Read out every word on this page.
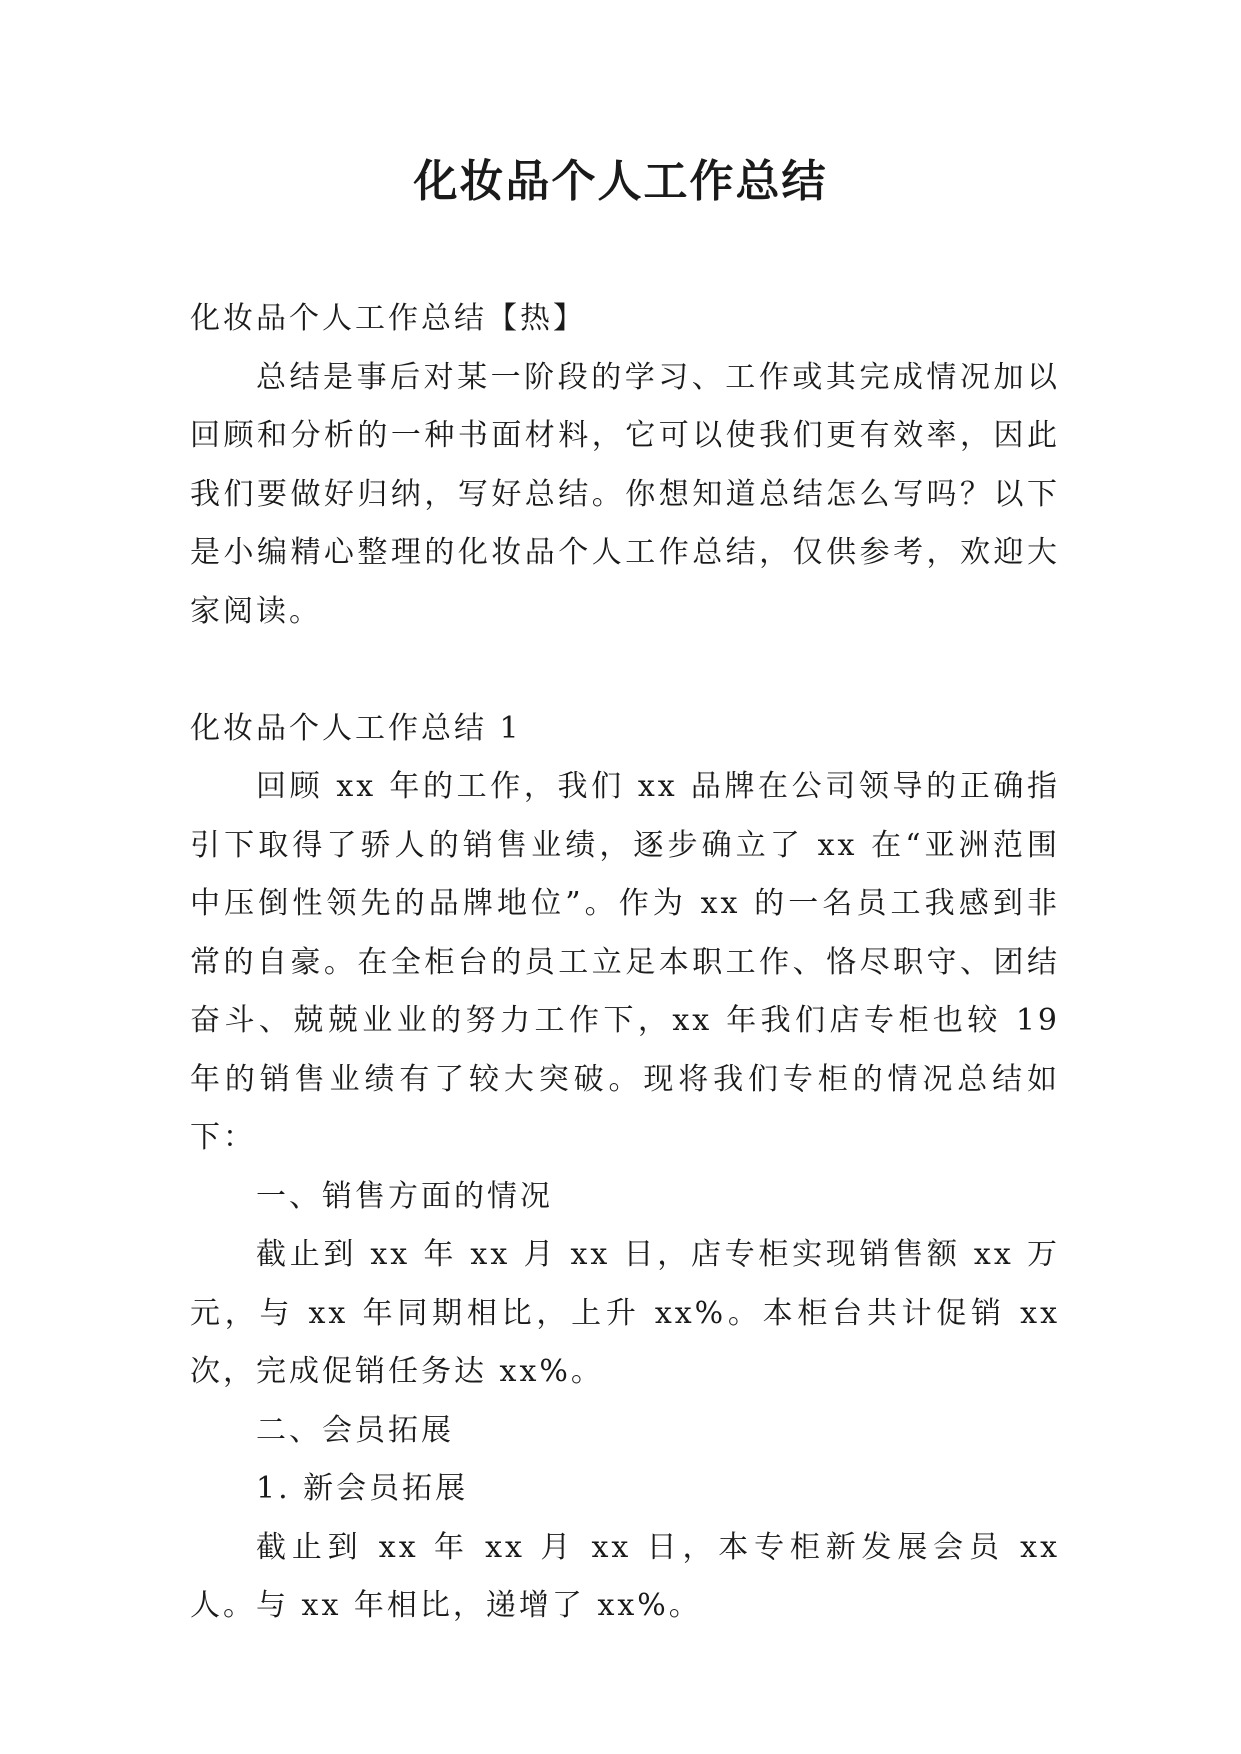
化妆品个人工作总结

化妆品个人工作总结【热】

总结是事后对某一阶段的学习、工作或其完成情况加以回顾和分析的一种书面材料，它可以使我们更有效率，因此我们要做好归纳，写好总结。你想知道总结怎么写吗？以下是小编精心整理的化妆品个人工作总结，仅供参考，欢迎大家阅读。

化妆品个人工作总结 1

回顾 xx 年的工作，我们 xx 品牌在公司领导的正确指引下取得了骄人的销售业绩，逐步确立了 xx 在“亚洲范围中压倒性领先的品牌地位”。作为 xx 的一名员工我感到非常的自豪。在全柜台的员工立足本职工作、恪尽职守、团结奋斗、兢兢业业的努力工作下，xx 年我们店专柜也较 19 年的销售业绩有了较大突破。现将我们专柜的情况总结如下：

一、销售方面的情况

截止到 xx 年 xx 月 xx 日，店专柜实现销售额 xx 万元，与 xx 年同期相比，上升 xx%。本柜台共计促销 xx 次，完成促销任务达 xx%。

二、会员拓展

1. 新会员拓展

截止到 xx 年 xx 月 xx 日，本专柜新发展会员 xx 人。与 xx 年相比，递增了 xx%。
